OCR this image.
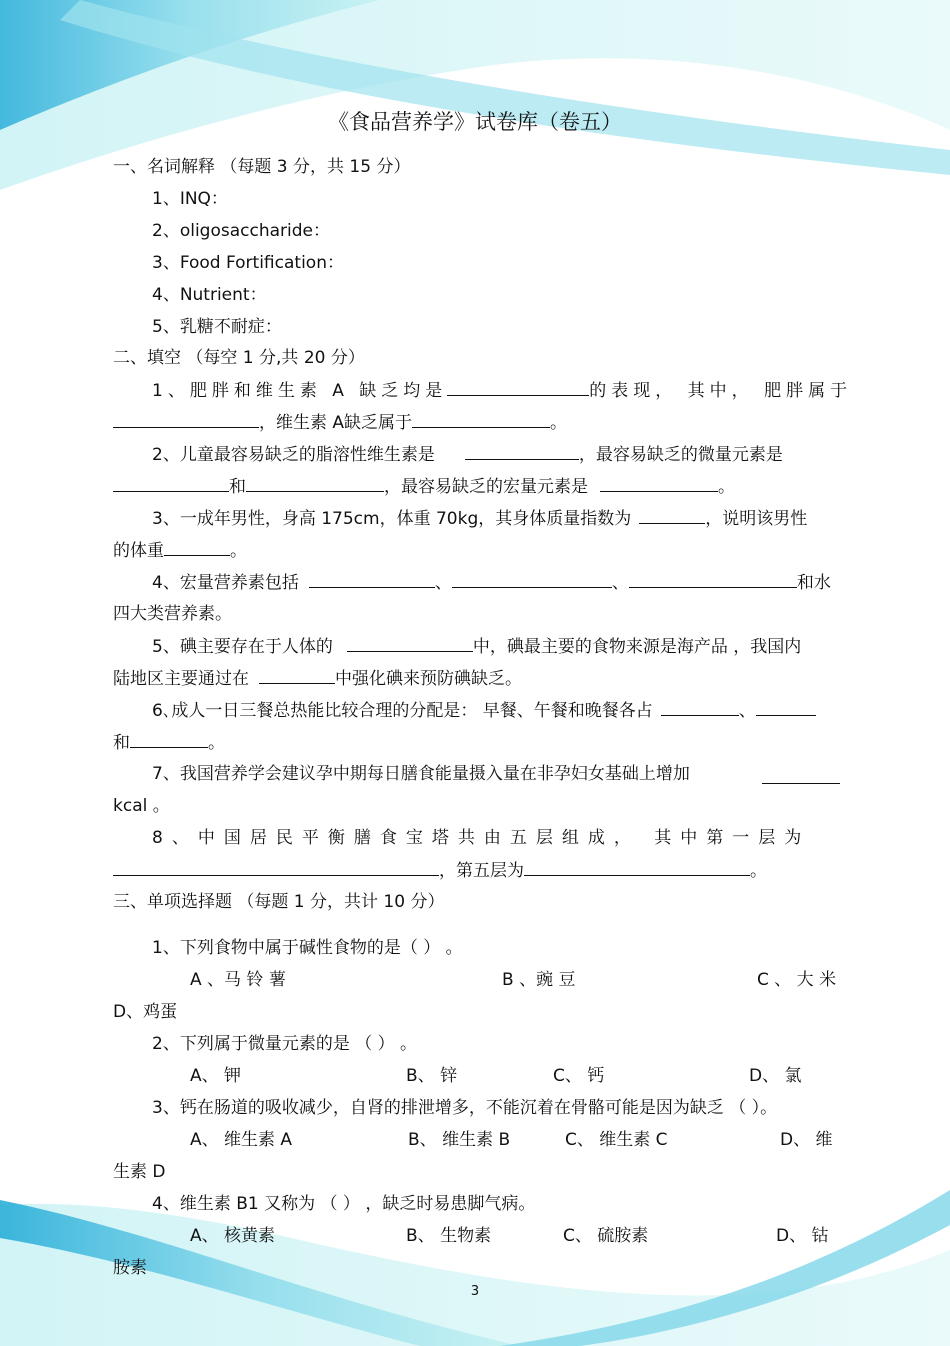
《食品营养学》试卷库（卷五）
一、名词解释 （每题 3 分，共 15 分）
1、INQ：
2、oligosaccharide：
3、Food Fortification：
4、Nutrient：
5、乳糖不耐症：
二、填空 （每空 1 分,共 20 分）
1、肥胖和维生素 A 缺乏均是	的表现， 其中， 肥胖属于
，维生素 A缺乏属于	。
2、儿童最容易缺乏的脂溶性维生素是	，最容易缺乏的微量元素是
和	，最容易缺乏的宏量元素是	。
3、一成年男性，身高 175cm，体重 70kg，其身体质量指数为	，说明该男性
的体重	。
4、宏量营养素包括	、	、	和水
四大类营养素。
5、碘主要存在于人体的	中，碘最主要的食物来源是海产品 ，我国内
陆地区主要通过在	中强化碘来预防碘缺乏。
6､成人一日三餐总热能比较合理的分配是： 早餐、午餐和晚餐各占	、
和	。
7、我国营养学会建议孕中期每日膳食能量摄入量在非孕妇女基础上增加
kcal 。
8、中国居民平衡膳食宝塔共由五层组成， 其中第一层为
，第五层为	。
三、单项选择题 （每题 1 分，共计 10 分）
1、下列食物中属于碱性食物的是（ ） 。
A 、马 铃 薯	B 、豌 豆	C 、 大 米
D、鸡蛋
2、下列属于微量元素的是 （ ） 。
A、 钾	B、 锌	C、 钙	D、 氯
3、钙在肠道的吸收减少，自肾的排泄增多，不能沉着在骨骼可能是因为缺乏 （ ）。
A、 维生素 A	B、 维生素 B	C、 维生素 C	D、 维
生素 D
4、维生素 B1 又称为 （ ） ，缺乏时易患脚气病。
A、 核黄素	B、 生物素	C、 硫胺素	D、 钴
胺素
3
